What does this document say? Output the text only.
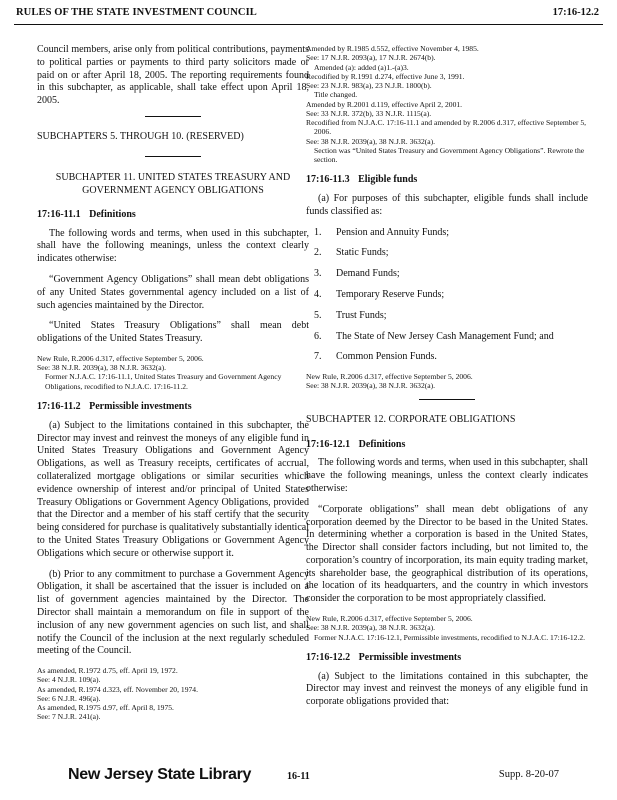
RULES OF THE STATE INVESTMENT COUNCIL	17:16-12.2

Council members, arise only from political contributions, payments to political parties or payments to third party solicitors made or paid on or after April 18, 2005. The reporting requirements found in this subchapter, as applicable, shall take effect upon April 18, 2005.

SUBCHAPTERS 5. THROUGH 10. (RESERVED)

SUBCHAPTER 11. UNITED STATES TREASURY AND GOVERNMENT AGENCY OBLIGATIONS
17:16-11.1 Definitions

The following words and terms, when used in this subchapter, shall have the following meanings, unless the context clearly indicates otherwise:

“Government Agency Obligations” shall mean debt obligations of any United States governmental agency included on a list of such agencies maintained by the Director.

“United States Treasury Obligations” shall mean debt obligations of the United States Treasury.

New Rule, R.2006 d.317, effective September 5, 2006.
See: 38 N.J.R. 2039(a), 38 N.J.R. 3632(a).
Former N.J.A.C. 17:16-11.1, United States Treasury and Government Agency Obligations, recodified to N.J.A.C. 17:16-11.2.
17:16-11.2 Permissible investments

(a) Subject to the limitations contained in this subchapter, the Director may invest and reinvest the moneys of any eligible fund in United States Treasury Obligations and Government Agency Obligations, as well as Treasury receipts, certificates of accrual, collateralized mortgage obligations or similar securities which evidence ownership of interest and/or principal of United States Treasury Obligations or Government Agency Obligations, provided that the Director and a member of his staff certify that the security being considered for purchase is qualitatively substantially identical to the United States Treasury Obligations or Government Agency Obligations which secure or otherwise support it.

(b) Prior to any commitment to purchase a Government Agency Obligation, it shall be ascertained that the issuer is included on a list of government agencies maintained by the Director. The Director shall maintain a memorandum on file in support of the inclusion of any new government agencies on such list, and shall notify the Council of the inclusion at the next regularly scheduled meeting of the Council.

As amended, R.1972 d.75, eff. April 19, 1972.
See: 4 N.J.R. 109(a).
As amended, R.1974 d.323, eff. November 20, 1974.
See: 6 N.J.R. 496(a).
As amended, R.1975 d.97, eff. April 8, 1975.
See: 7 N.J.R. 241(a).
Amended by R.1985 d.552, effective November 4, 1985.
See: 17 N.J.R. 2093(a), 17 N.J.R. 2674(b).
Amended (a): added (a)1.-(a)3.
Recodified by R.1991 d.274, effective June 3, 1991.
See: 23 N.J.R. 983(a), 23 N.J.R. 1800(b).
Title changed.
Amended by R.2001 d.119, effective April 2, 2001.
See: 33 N.J.R. 372(b), 33 N.J.R. 1115(a).
Recodified from N.J.A.C. 17:16-11.1 and amended by R.2006 d.317, effective September 5, 2006.
See: 38 N.J.R. 2039(a), 38 N.J.R. 3632(a).
Section was “United States Treasury and Government Agency Obligations”. Rewrote the section.
17:16-11.3 Eligible funds

(a) For purposes of this subchapter, eligible funds shall include funds classified as:

1.	Pension and Annuity Funds;
2.	Static Funds;
3.	Demand Funds;
4.	Temporary Reserve Funds;
5.	Trust Funds;
6.	The State of New Jersey Cash Management Fund; and
7.	Common Pension Funds.
New Rule, R.2006 d.317, effective September 5, 2006.
See: 38 N.J.R. 2039(a), 38 N.J.R. 3632(a).
SUBCHAPTER 12. CORPORATE OBLIGATIONS
17:16-12.1 Definitions

The following words and terms, when used in this subchapter, shall have the following meanings, unless the context clearly indicates otherwise:

“Corporate obligations” shall mean debt obligations of any corporation deemed by the Director to be based in the United States. In determining whether a corporation is based in the United States, the Director shall consider factors including, but not limited to, the corporation’s country of incorporation, its main equity trading market, its shareholder base, the geographical distribution of its operations, the location of its headquarters, and the country in which investors consider the corporation to be most appropriately classified.

New Rule, R.2006 d.317, effective September 5, 2006.
See: 38 N.J.R. 2039(a), 38 N.J.R. 3632(a).
Former N.J.A.C. 17:16-12.1, Permissible investments, recodified to N.J.A.C. 17:16-12.2.
17:16-12.2 Permissible investments

(a) Subject to the limitations contained in this subchapter, the Director may invest and reinvest the moneys of any eligible fund in corporate obligations provided that:

New Jersey State Library	16-11	Supp. 8-20-07
